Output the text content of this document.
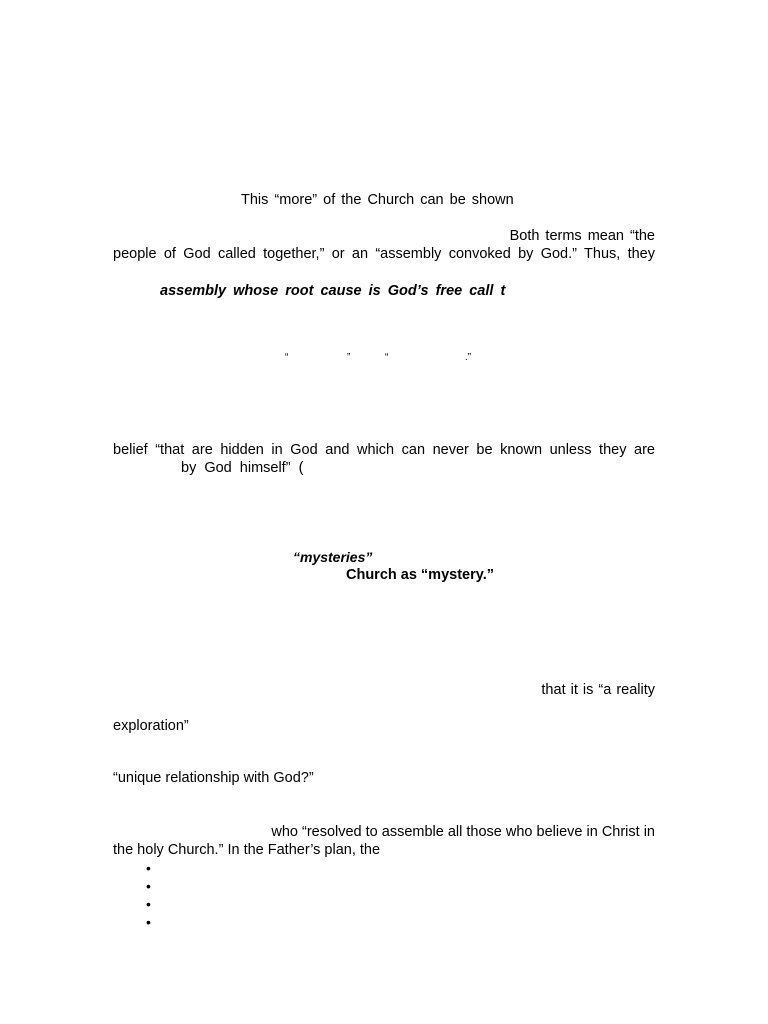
This “more” of the Church can be shown
Both terms mean “the
people of God called together,” or an “assembly convoked by God.” Thus, they
assembly whose root cause is God’s free call t
“	”	“	.”
belief “that are hidden in God and which can never be known unless they are
by God himself” (
“mysteries”
Church as “mystery.”
that it is “a reality
exploration”
“unique relationship with God?”
who “resolved to assemble all those who believe in Christ in
the holy Church.” In the Father’s plan, the
•
•
•
•
